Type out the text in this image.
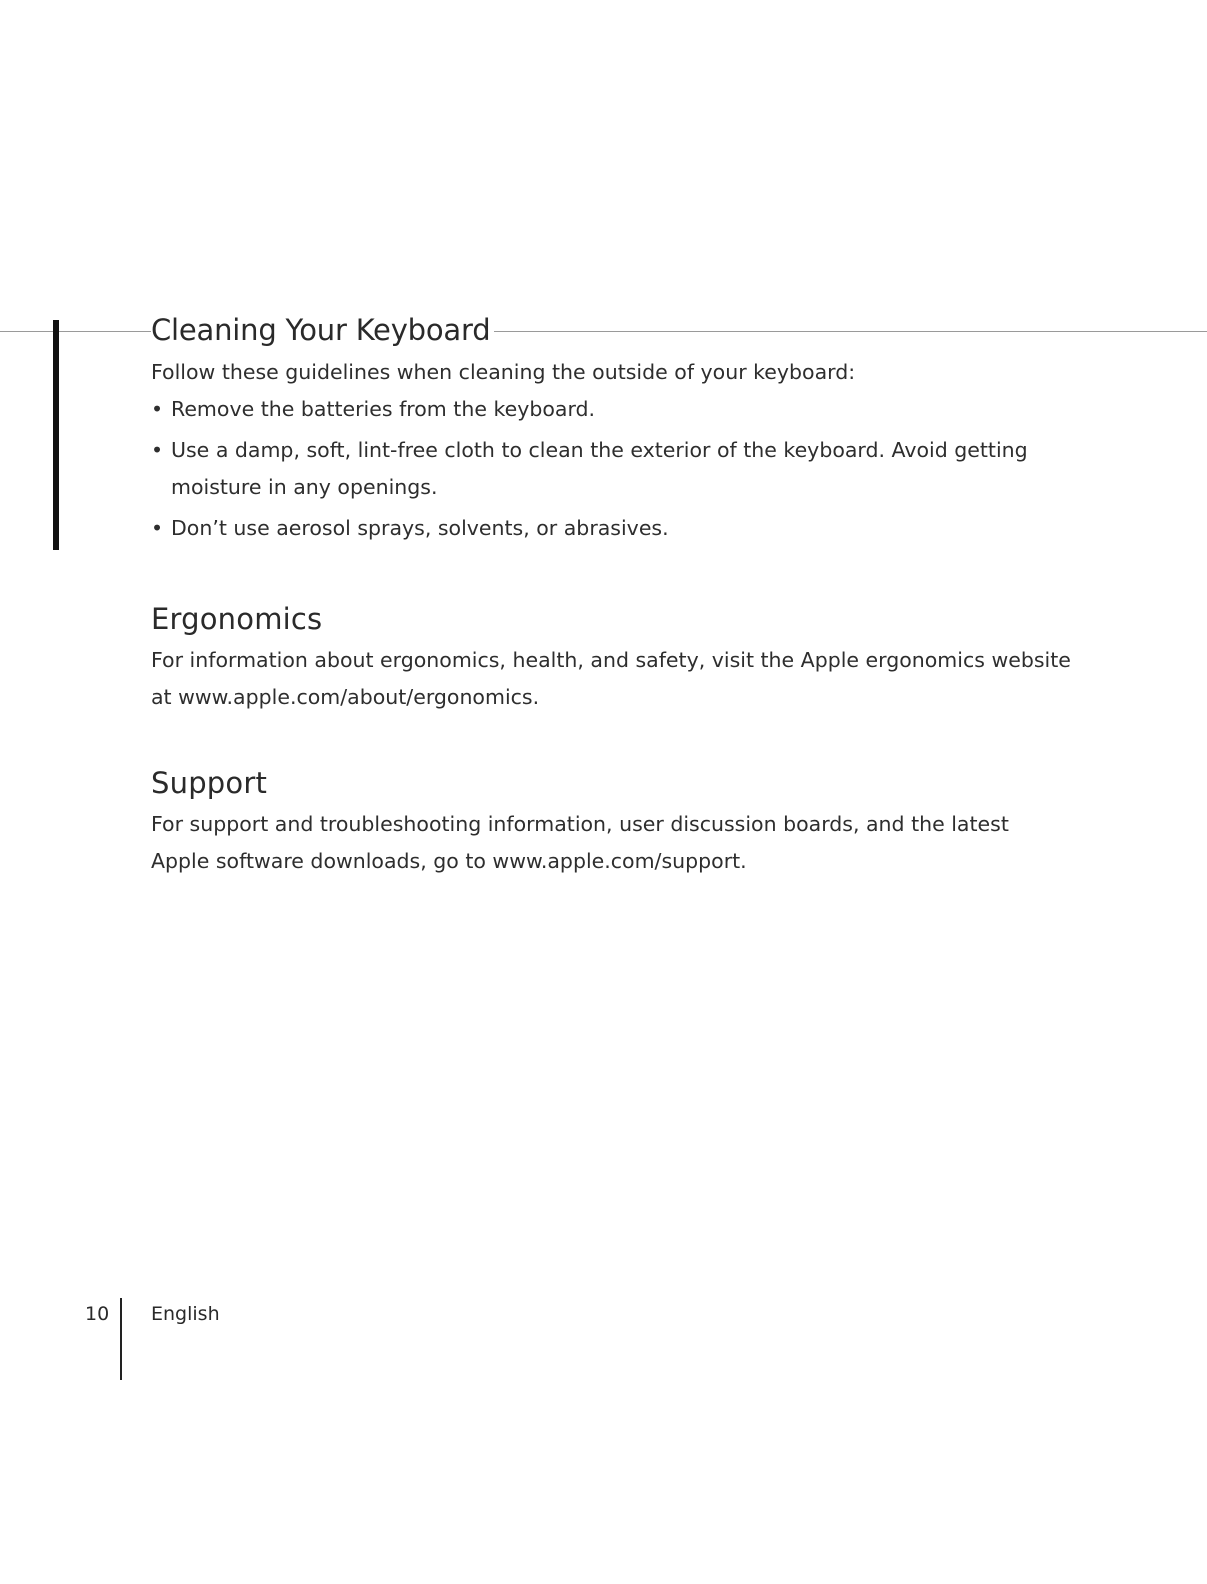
Cleaning Your Keyboard

Follow these guidelines when cleaning the outside of your keyboard:

• Remove the batteries from the keyboard.
• Use a damp, soft, lint-free cloth to clean the exterior of the keyboard. Avoid getting moisture in any openings.
• Don’t use aerosol sprays, solvents, or abrasives.
Ergonomics

For information about ergonomics, health, and safety, visit the Apple ergonomics website at www.apple.com/about/ergonomics.

Support

For support and troubleshooting information, user discussion boards, and the latest Apple software downloads, go to www.apple.com/support.

10 English
